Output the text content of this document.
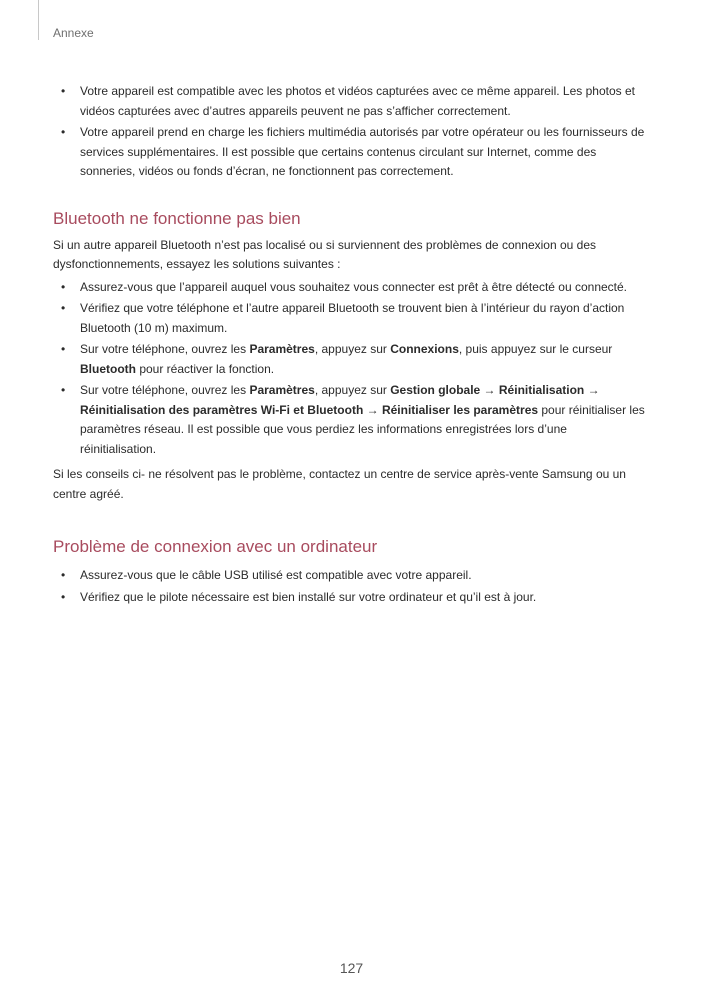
Annexe
• Votre appareil est compatible avec les photos et vidéos capturées avec ce même appareil. Les photos et vidéos capturées avec d’autres appareils peuvent ne pas s’afficher correctement.
• Votre appareil prend en charge les fichiers multimédia autorisés par votre opérateur ou les fournisseurs de services supplémentaires. Il est possible que certains contenus circulant sur Internet, comme des sonneries, vidéos ou fonds d’écran, ne fonctionnent pas correctement.
Bluetooth ne fonctionne pas bien

Si un autre appareil Bluetooth n’est pas localisé ou si surviennent des problèmes de connexion ou des dysfonctionnements, essayez les solutions suivantes :

• Assurez-vous que l’appareil auquel vous souhaitez vous connecter est prêt à être détecté ou connecté.
• Vérifiez que votre téléphone et l’autre appareil Bluetooth se trouvent bien à l’intérieur du rayon d’action Bluetooth (10 m) maximum.
• Sur votre téléphone, ouvrez les Paramètres, appuyez sur Connexions, puis appuyez sur le curseur Bluetooth pour réactiver la fonction.
• Sur votre téléphone, ouvrez les Paramètres, appuyez sur Gestion globale → Réinitialisation → Réinitialisation des paramètres Wi-Fi et Bluetooth → Réinitialiser les paramètres pour réinitialiser les paramètres réseau. Il est possible que vous perdiez les informations enregistrées lors d’une réinitialisation.

Si les conseils ci- ne résolvent pas le problème, contactez un centre de service après-vente Samsung ou un centre agréé.

Problème de connexion avec un ordinateur
• Assurez-vous que le câble USB utilisé est compatible avec votre appareil.
• Vérifiez que le pilote nécessaire est bien installé sur votre ordinateur et qu’il est à jour.
127
